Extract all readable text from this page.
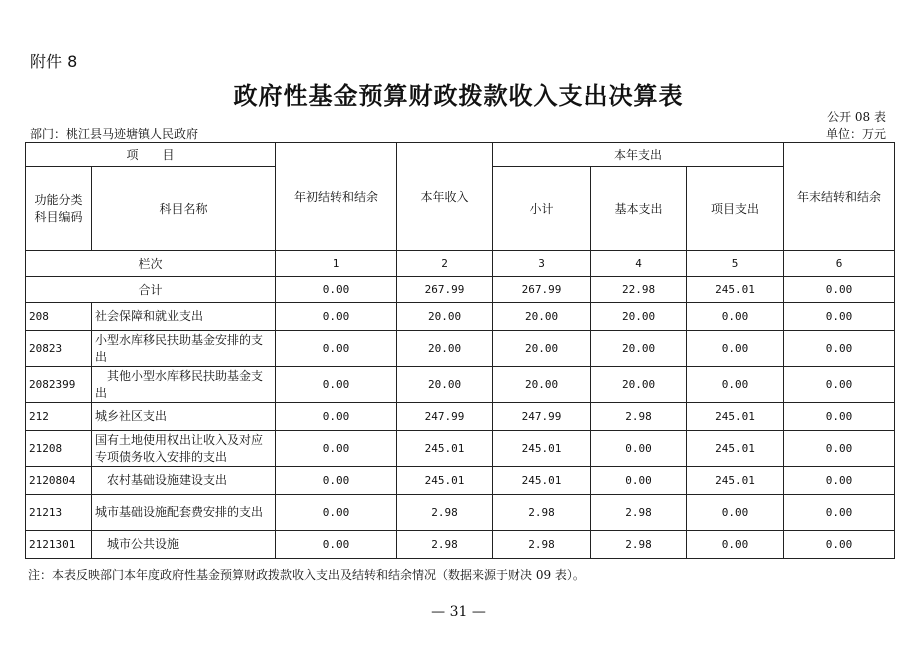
附件 8
政府性基金预算财政拨款收入支出决算表
公开 08 表
部门：桃江县马迹塘镇人民政府	单位：万元
项　　目		年初结转和结余	本年收入	本年支出			年末结转和结余
功能分类科目编码	科目名称			小计	基本支出	项目支出	
栏次		1	2	3	4	5	6
合计		0.00	267.99	267.99	22.98	245.01	0.00
208	社会保障和就业支出	0.00	20.00	20.00	20.00	0.00	0.00
20823	小型水库移民扶助基金安排的支出	0.00	20.00	20.00	20.00	0.00	0.00
2082399	　其他小型水库移民扶助基金支出	0.00	20.00	20.00	20.00	0.00	0.00
212	城乡社区支出	0.00	247.99	247.99	2.98	245.01	0.00
21208	国有土地使用权出让收入及对应专项债务收入安排的支出	0.00	245.01	245.01	0.00	245.01	0.00
2120804	　农村基础设施建设支出	0.00	245.01	245.01	0.00	245.01	0.00
21213	城市基础设施配套费安排的支出	0.00	2.98	2.98	2.98	0.00	0.00
2121301	　城市公共设施	0.00	2.98	2.98	2.98	0.00	0.00
注：本表反映部门本年度政府性基金预算财政拨款收入支出及结转和结余情况（数据来源于财决 09 表）。
— 31 —
